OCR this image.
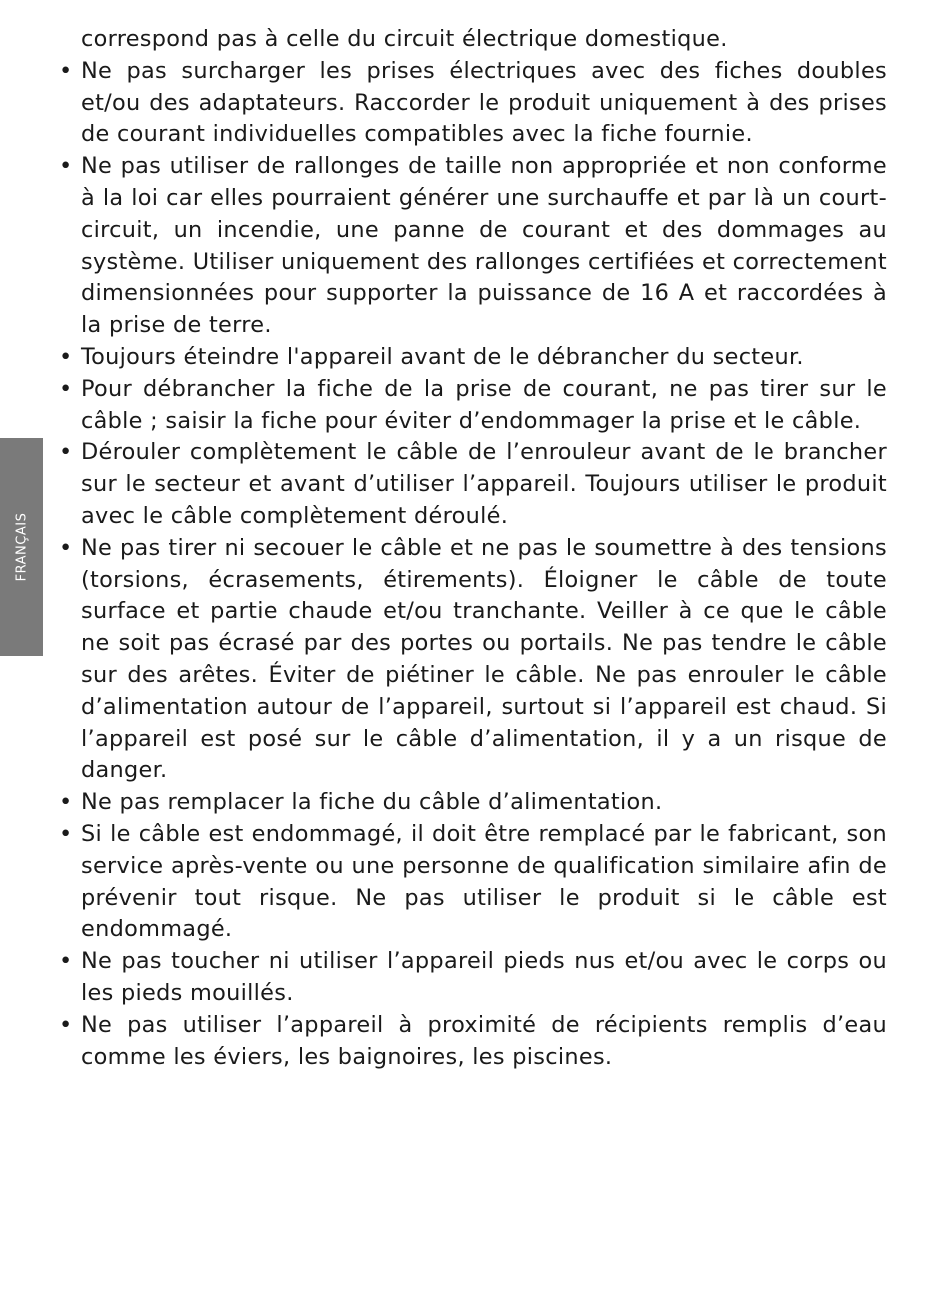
FRANÇAIS

correspond pas à celle du circuit électrique domestique.

• Ne pas surcharger les prises électriques avec des fiches doubles et/ou des adaptateurs. Raccorder le produit uniquement à des prises de courant individuelles compatibles avec la fiche fournie.
• Ne pas utiliser de rallonges de taille non appropriée et non conforme à la loi car elles pourraient générer une surchauffe et par là un court-circuit, un incendie, une panne de courant et des dommages au système. Utiliser uniquement des rallonges certifiées et correctement dimensionnées pour supporter la puissance de 16 A et raccordées à la prise de terre.
• Toujours éteindre l'appareil avant de le débrancher du secteur.
• Pour débrancher la fiche de la prise de courant, ne pas tirer sur le câble ; saisir la fiche pour éviter d’endommager la prise et le câble.
• Dérouler complètement le câble de l’enrouleur avant de le brancher sur le secteur et avant d’utiliser l’appareil. Toujours utiliser le produit avec le câble complètement déroulé.
• Ne pas tirer ni secouer le câble et ne pas le soumettre à des tensions (torsions, écrasements, étirements). Éloigner le câble de toute surface et partie chaude et/ou tranchante. Veiller à ce que le câble ne soit pas écrasé par des portes ou portails. Ne pas tendre le câble sur des arêtes. Éviter de piétiner le câble. Ne pas enrouler le câble d’alimentation autour de l’appareil, surtout si l’appareil est chaud. Si l’appareil est posé sur le câble d’alimentation, il y a un risque de danger.
• Ne pas remplacer la fiche du câble d’alimentation.
• Si le câble est endommagé, il doit être remplacé par le fabricant, son service après-vente ou une personne de qualification similaire afin de prévenir tout risque. Ne pas utiliser le produit si le câble est endommagé.
• Ne pas toucher ni utiliser l’appareil pieds nus et/ou avec le corps ou les pieds mouillés.
• Ne pas utiliser l’appareil à proximité de récipients remplis d’eau comme les éviers, les baignoires, les piscines.
